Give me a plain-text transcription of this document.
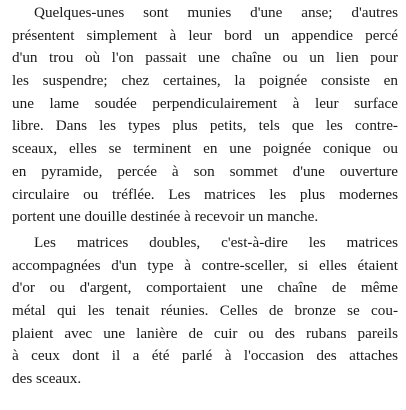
Quelques-unes sont munies d'une anse; d'autres
présentent simplement à leur bord un appendice percé
d'un trou où l'on passait une chaîne ou un lien pour
les suspendre; chez certaines, la poignée consiste en
une lame soudée perpendiculairement à leur surface
libre. Dans les types plus petits, tels que les contre-
sceaux, elles se terminent en une poignée conique ou
en pyramide, percée à son sommet d'une ouverture
circulaire ou tréflée. Les matrices les plus modernes
portent une douille destinée à recevoir un manche.

Les matrices doubles, c'est-à-dire les matrices
accompagnées d'un type à contre-sceller, si elles étaient
d'or ou d'argent, comportaient une chaîne de même
métal qui les tenait réunies. Celles de bronze se cou-
plaient avec une lanière de cuir ou des rubans pareils
à ceux dont il a été parlé à l'occasion des attaches
des sceaux.
